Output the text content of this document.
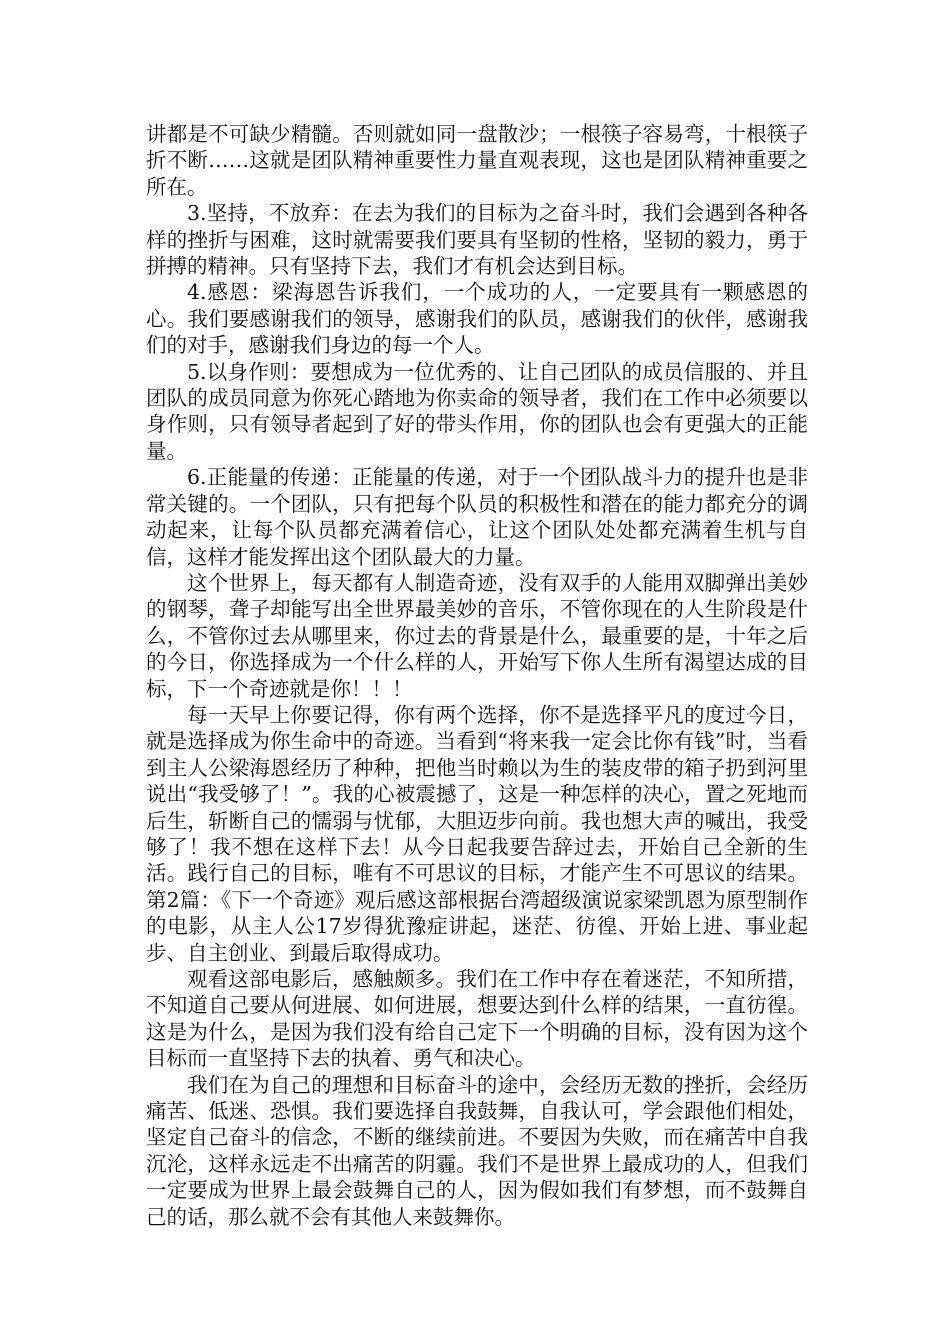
讲都是不可缺少精髓。否则就如同一盘散沙；一根筷子容易弯，十根筷子折不断……这就是团队精神重要性力量直观表现，这也是团队精神重要之所在。

3.坚持，不放弃：在去为我们的目标为之奋斗时，我们会遇到各种各样的挫折与困难，这时就需要我们要具有坚韧的性格，坚韧的毅力，勇于拼搏的精神。只有坚持下去，我们才有机会达到目标。

4.感恩：梁海恩告诉我们，一个成功的人，一定要具有一颗感恩的心。我们要感谢我们的领导，感谢我们的队员，感谢我们的伙伴，感谢我们的对手，感谢我们身边的每一个人。

5.以身作则：要想成为一位优秀的、让自己团队的成员信服的、并且团队的成员同意为你死心踏地为你卖命的领导者，我们在工作中必须要以身作则，只有领导者起到了好的带头作用，你的团队也会有更强大的正能量。

6.正能量的传递：正能量的传递，对于一个团队战斗力的提升也是非常关键的。一个团队，只有把每个队员的积极性和潜在的能力都充分的调动起来，让每个队员都充满着信心，让这个团队处处都充满着生机与自信，这样才能发挥出这个团队最大的力量。

这个世界上，每天都有人制造奇迹，没有双手的人能用双脚弹出美妙的钢琴，聋子却能写出全世界最美妙的音乐，不管你现在的人生阶段是什么，不管你过去从哪里来，你过去的背景是什么，最重要的是，十年之后的今日，你选择成为一个什么样的人，开始写下你人生所有渴望达成的目标，下一个奇迹就是你！！！

每一天早上你要记得，你有两个选择，你不是选择平凡的度过今日，就是选择成为你生命中的奇迹。当看到“将来我一定会比你有钱”时，当看到主人公梁海恩经历了种种，把他当时赖以为生的装皮带的箱子扔到河里说出“我受够了！”。我的心被震撼了，这是一种怎样的决心，置之死地而后生，斩断自己的懦弱与忧郁，大胆迈步向前。我也想大声的喊出，我受够了！我不想在这样下去！从今日起我要告辞过去，开始自己全新的生活。践行自己的目标，唯有不可思议的目标，才能产生不可思议的结果。第2篇：《下一个奇迹》观后感这部根据台湾超级演说家梁凯恩为原型制作的电影，从主人公17岁得犹豫症讲起，迷茫、彷徨、开始上进、事业起步、自主创业、到最后取得成功。

观看这部电影后，感触颇多。我们在工作中存在着迷茫，不知所措，不知道自己要从何进展、如何进展，想要达到什么样的结果，一直彷徨。这是为什么，是因为我们没有给自己定下一个明确的目标，没有因为这个目标而一直坚持下去的执着、勇气和决心。

我们在为自己的理想和目标奋斗的途中，会经历无数的挫折，会经历痛苦、低迷、恐惧。我们要选择自我鼓舞，自我认可，学会跟他们相处，坚定自己奋斗的信念，不断的继续前进。不要因为失败，而在痛苦中自我沉沦，这样永远走不出痛苦的阴霾。我们不是世界上最成功的人，但我们一定要成为世界上最会鼓舞自己的人，因为假如我们有梦想，而不鼓舞自己的话，那么就不会有其他人来鼓舞你。
